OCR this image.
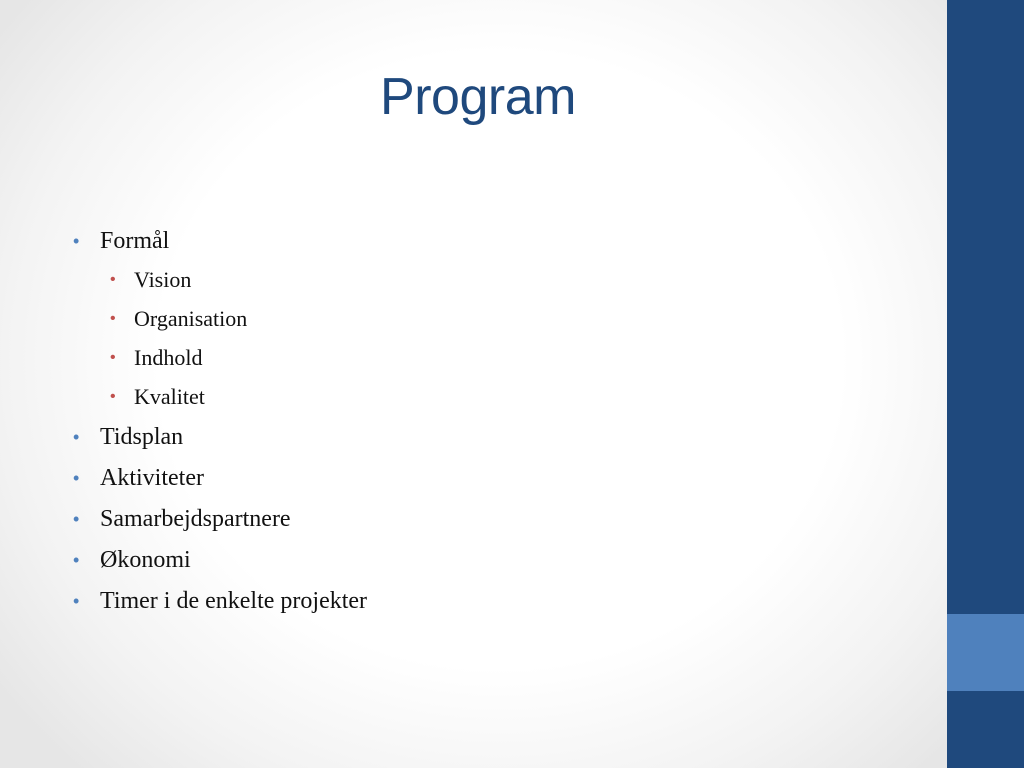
Program
• Formål
• Vision
• Organisation
• Indhold
• Kvalitet
• Tidsplan
• Aktiviteter
• Samarbejdspartnere
• Økonomi
• Timer i de enkelte projekter
